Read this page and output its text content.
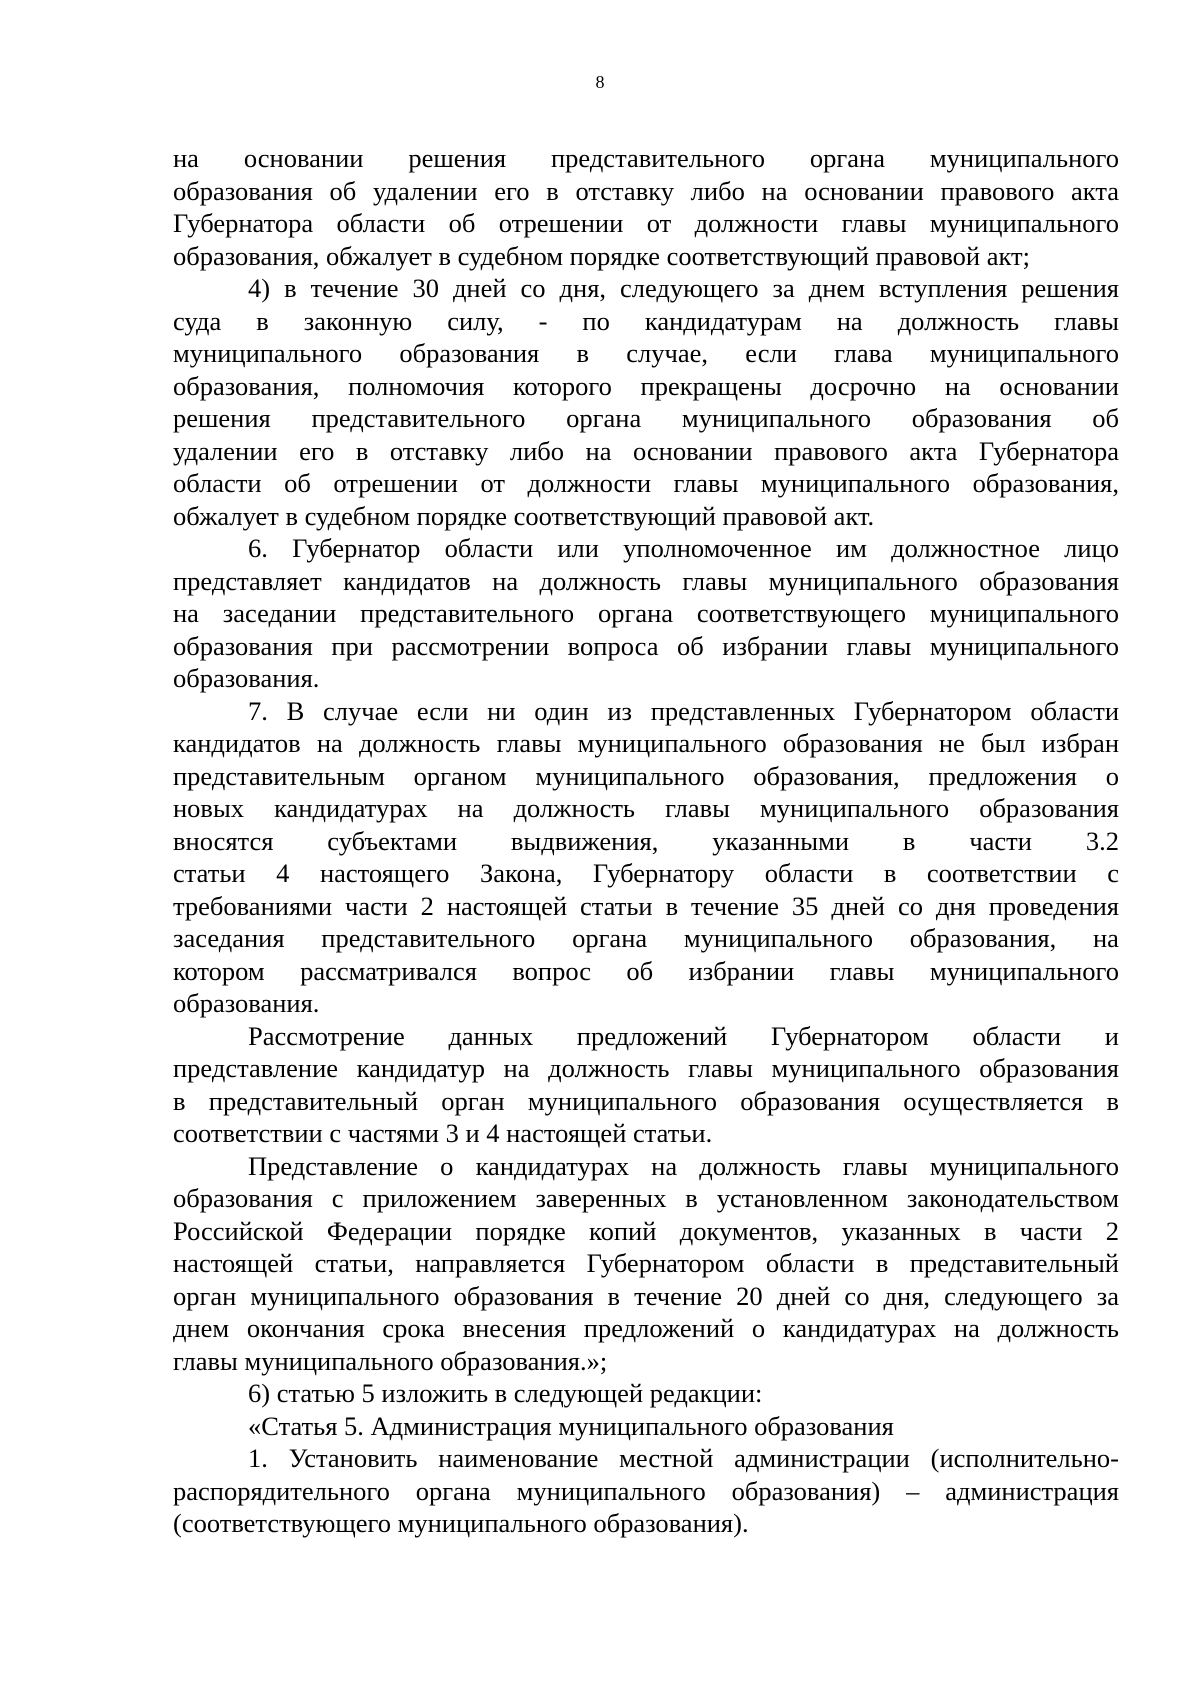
8
на основании решения представительного органа муниципального
образования об удалении его в отставку либо на основании правового акта
Губернатора области об отрешении от должности главы муниципального
образования, обжалует в судебном порядке соответствующий правовой акт;
4) в течение 30 дней со дня, следующего за днем вступления решения
суда в законную силу, - по кандидатурам на должность главы
муниципального образования в случае, если глава муниципального
образования, полномочия которого прекращены досрочно на основании
решения представительного органа муниципального образования об
удалении его в отставку либо на основании правового акта Губернатора
области об отрешении от должности главы муниципального образования,
обжалует в судебном порядке соответствующий правовой акт.
6. Губернатор области или уполномоченное им должностное лицо
представляет кандидатов на должность главы муниципального образования
на заседании представительного органа соответствующего муниципального
образования при рассмотрении вопроса об избрании главы муниципального
образования.
7. В случае если ни один из представленных Губернатором области
кандидатов на должность главы муниципального образования не был избран
представительным органом муниципального образования, предложения о
новых кандидатурах на должность главы муниципального образования
вносятся субъектами выдвижения, указанными в части 3.2
статьи 4 настоящего Закона, Губернатору области в соответствии с
требованиями части 2 настоящей статьи в течение 35 дней со дня проведения
заседания представительного органа муниципального образования, на
котором рассматривался вопрос об избрании главы муниципального
образования.
Рассмотрение данных предложений Губернатором области и
представление кандидатур на должность главы муниципального образования
в представительный орган муниципального образования осуществляется в
соответствии с частями 3 и 4 настоящей статьи.
Представление о кандидатурах на должность главы муниципального
образования с приложением заверенных в установленном законодательством
Российской Федерации порядке копий документов, указанных в части 2
настоящей статьи, направляется Губернатором области в представительный
орган муниципального образования в течение 20 дней со дня, следующего за
днем окончания срока внесения предложений о кандидатурах на должность
главы муниципального образования.»;
6) статью 5 изложить в следующей редакции:
«Статья 5. Администрация муниципального образования
1. Установить наименование местной администрации (исполнительно-
распорядительного органа муниципального образования) – администрация
(соответствующего муниципального образования).
